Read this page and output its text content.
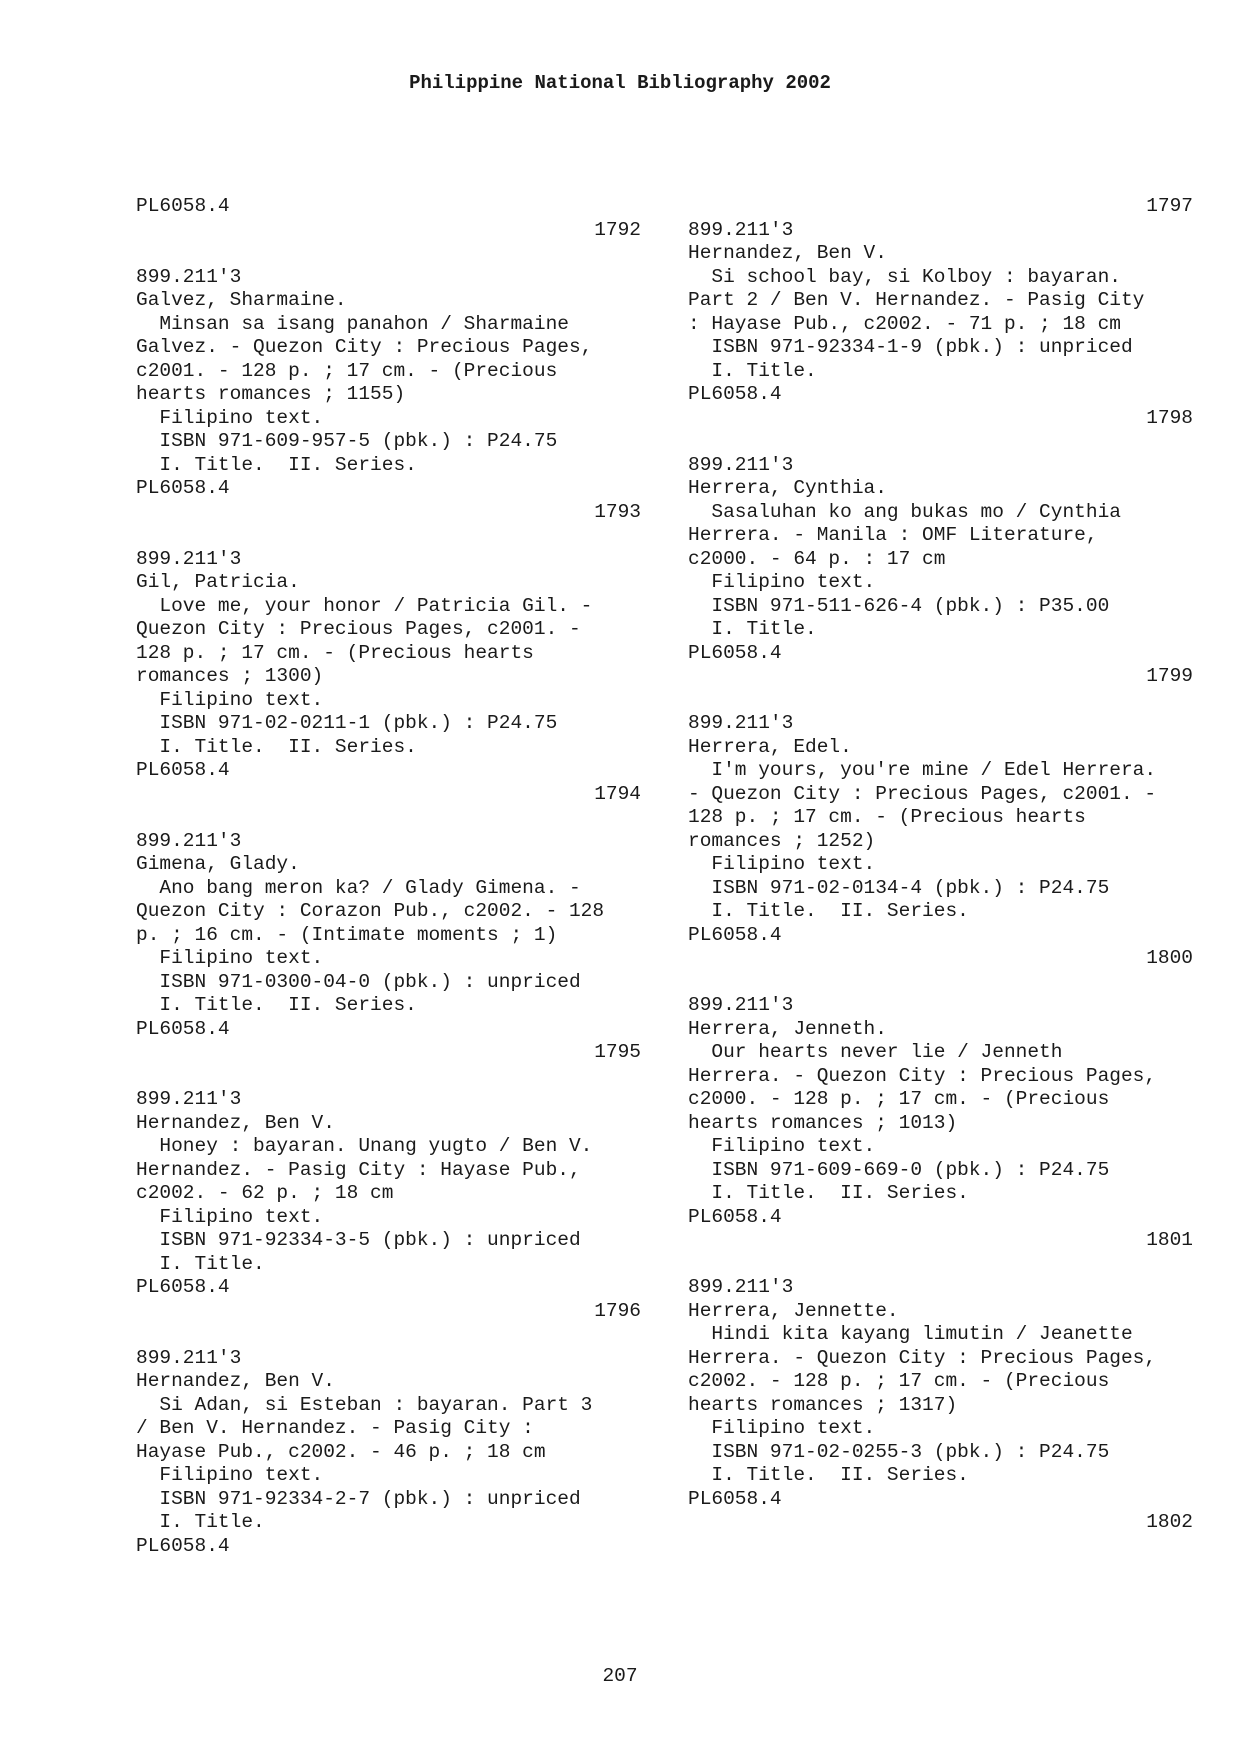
Philippine National Bibliography 2002
PL6058.4
1792
899.211'3
Galvez, Sharmaine.
Minsan sa isang panahon / Sharmaine
Galvez. - Quezon City : Precious Pages,
c2001. - 128 p. ; 17 cm. - (Precious
hearts romances ; 1155)
Filipino text.
ISBN 971-609-957-5 (pbk.) : P24.75
I. Title.  II. Series.
PL6058.4
1793
899.211'3
Gil, Patricia.
Love me, your honor / Patricia Gil. -
Quezon City : Precious Pages, c2001. -
128 p. ; 17 cm. - (Precious hearts
romances ; 1300)
Filipino text.
ISBN 971-02-0211-1 (pbk.) : P24.75
I. Title.  II. Series.
PL6058.4
1794
899.211'3
Gimena, Glady.
Ano bang meron ka? / Glady Gimena. -
Quezon City : Corazon Pub., c2002. - 128
p. ; 16 cm. - (Intimate moments ; 1)
Filipino text.
ISBN 971-0300-04-0 (pbk.) : unpriced
I. Title.  II. Series.
PL6058.4
1795
899.211'3
Hernandez, Ben V.
Honey : bayaran. Unang yugto / Ben V.
Hernandez. - Pasig City : Hayase Pub.,
c2002. - 62 p. ; 18 cm
Filipino text.
ISBN 971-92334-3-5 (pbk.) : unpriced
I. Title.
PL6058.4
1796
899.211'3
Hernandez, Ben V.
Si Adan, si Esteban : bayaran. Part 3
/ Ben V. Hernandez. - Pasig City :
Hayase Pub., c2002. - 46 p. ; 18 cm
Filipino text.
ISBN 971-92334-2-7 (pbk.) : unpriced
I. Title.
PL6058.4
1797
899.211'3
Hernandez, Ben V.
Si school bay, si Kolboy : bayaran.
Part 2 / Ben V. Hernandez. - Pasig City
: Hayase Pub., c2002. - 71 p. ; 18 cm
ISBN 971-92334-1-9 (pbk.) : unpriced
I. Title.
PL6058.4
1798
899.211'3
Herrera, Cynthia.
Sasaluhan ko ang bukas mo / Cynthia
Herrera. - Manila : OMF Literature,
c2000. - 64 p. : 17 cm
Filipino text.
ISBN 971-511-626-4 (pbk.) : P35.00
I. Title.
PL6058.4
1799
899.211'3
Herrera, Edel.
I'm yours, you're mine / Edel Herrera.
- Quezon City : Precious Pages, c2001. -
128 p. ; 17 cm. - (Precious hearts
romances ; 1252)
Filipino text.
ISBN 971-02-0134-4 (pbk.) : P24.75
I. Title.  II. Series.
PL6058.4
1800
899.211'3
Herrera, Jenneth.
Our hearts never lie / Jenneth
Herrera. - Quezon City : Precious Pages,
c2000. - 128 p. ; 17 cm. - (Precious
hearts romances ; 1013)
Filipino text.
ISBN 971-609-669-0 (pbk.) : P24.75
I. Title.  II. Series.
PL6058.4
1801
899.211'3
Herrera, Jennette.
Hindi kita kayang limutin / Jeanette
Herrera. - Quezon City : Precious Pages,
c2002. - 128 p. ; 17 cm. - (Precious
hearts romances ; 1317)
Filipino text.
ISBN 971-02-0255-3 (pbk.) : P24.75
I. Title.  II. Series.
PL6058.4
1802
207
